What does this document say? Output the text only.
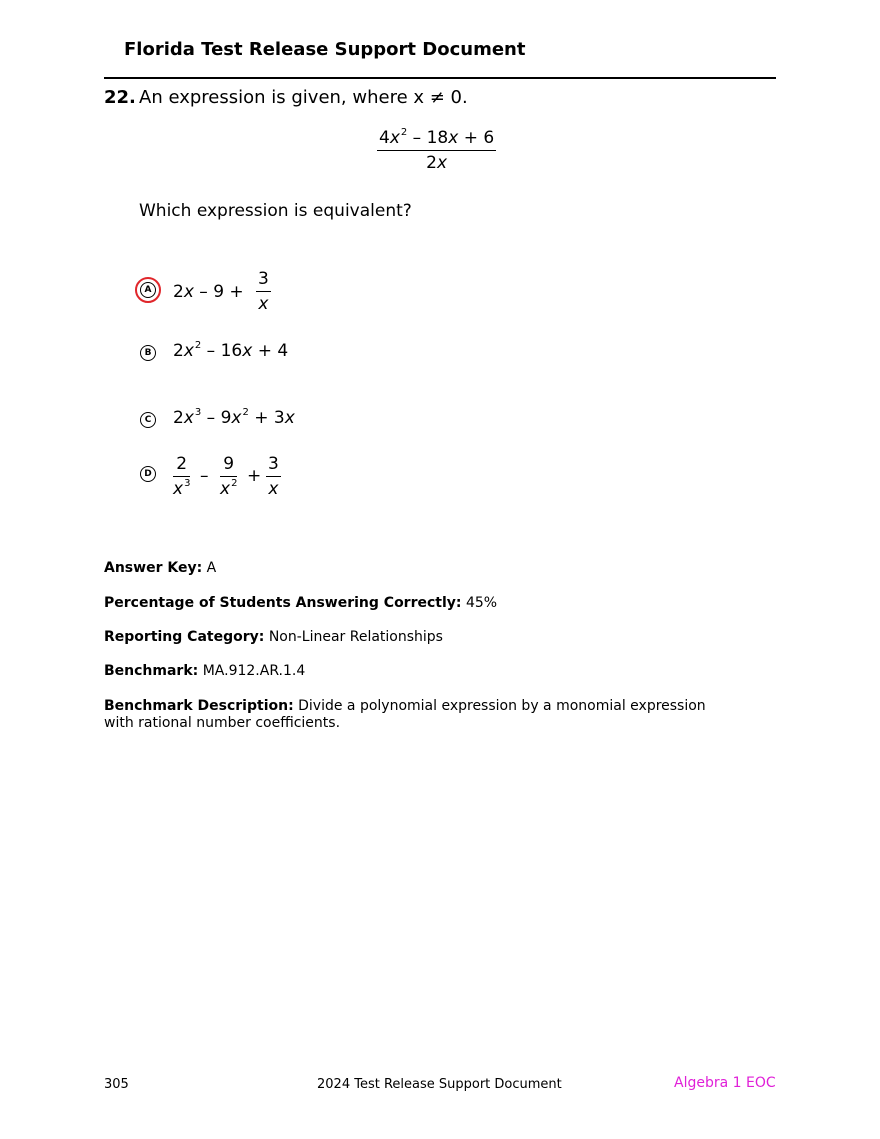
Florida Test Release Support Document
22. An expression is given, where x ≠ 0.
$4x^2 - 18x + 6$
2x
Which expression is equivalent?
A 2x – 9 +
3
x
B $2x^2 - 16x + 4$
C $2x^3 - 9x^2 + 3x$
D 2
$x^3$ –
9
$x^2$ +
3
x
Answer Key: A
Percentage of Students Answering Correctly: 45%
Reporting Category: Non-Linear Relationships
Benchmark: MA.912.AR.1.4
Benchmark Description: Divide a polynomial expression by a monomial expression
with rational number coefficients.
305	2024 Test Release Support Document	Algebra 1 EOC
